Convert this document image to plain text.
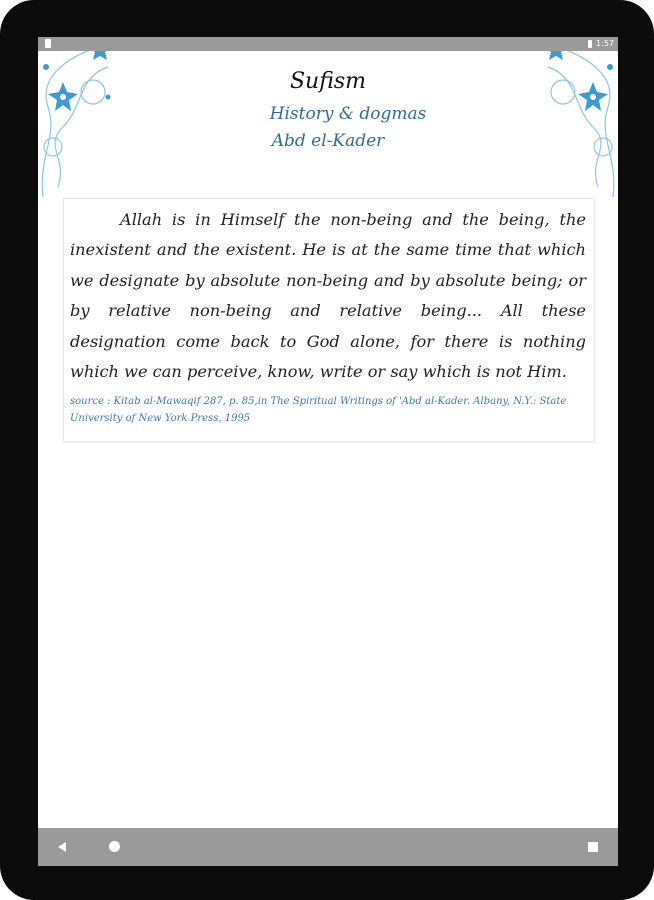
1:57
Sufism
History & dogmas
Abd el-Kader
Allah is in Himself the non-being and the being, the inexistent and the existent. He is at the same time that which we designate by absolute non-being and by absolute being; or by relative non-being and relative being... All these designation come back to God alone, for there is nothing which we can perceive, know, write or say which is not Him.
source : Kitab al-Mawaqif 287, p. 85,in The Spiritual Writings of 'Abd al-Kader. Albany, N.Y.: State University of New York Press, 1995
